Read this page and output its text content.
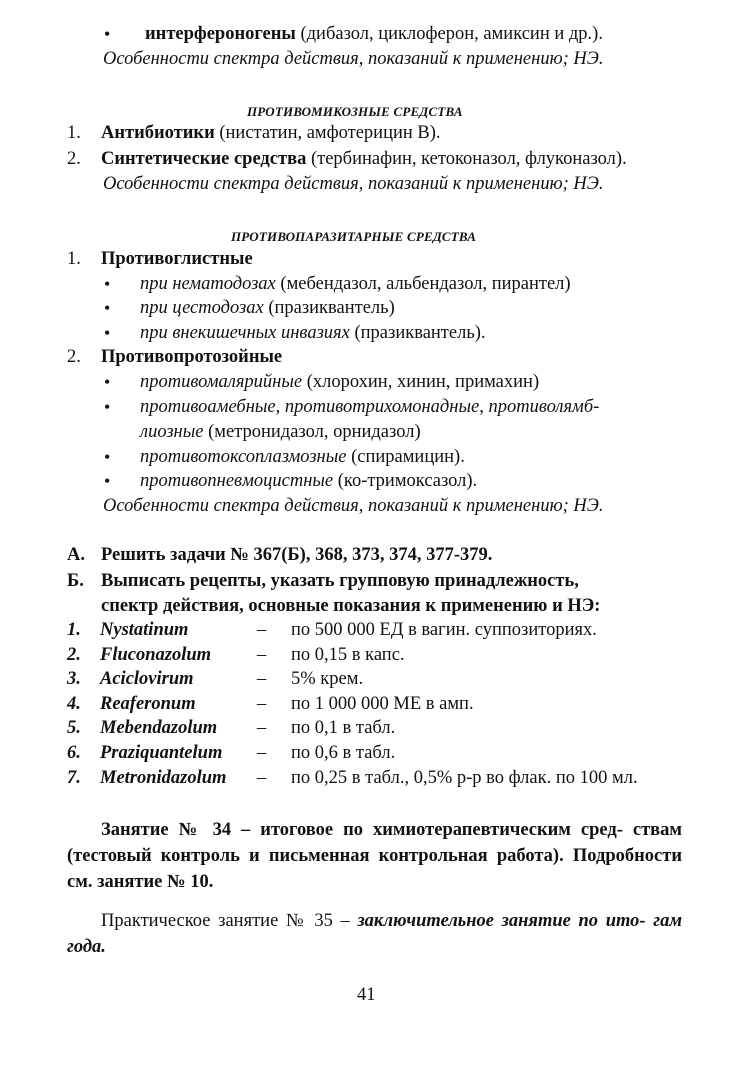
• интерфероногены (дибазол, циклоферон, амиксин и др.).
Особенности спектра действия, показаний к применению; НЭ.
ПРОТИВОМИКОЗНЫЕ СРЕДСТВА
1. Антибиотики (нистатин, амфотерицин В).
2. Синтетические средства (тербинафин, кетоконазол, флуконазол).
Особенности спектра действия, показаний к применению; НЭ.
ПРОТИВОПАРАЗИТАРНЫЕ СРЕДСТВА
1. Противоглистные
• при нематодозах (мебендазол, альбендазол, пирантел)
• при цестодозах (празиквантель)
• при внекишечных инвазиях (празиквантель).
2. Противопротозойные
• противомалярийные (хлорохин, хинин, примахин)
• противоамебные, противотрихомонадные, противолямб-
лиозные (метронидазол, орнидазол)
• противотоксоплазмозные (спирамицин).
• противопневмоцистные (ко-тримоксазол).
Особенности спектра действия, показаний к применению; НЭ.
А. Решить задачи № 367(Б), 368, 373, 374, 377-379.
Б. Выписать рецепты, указать групповую принадлежность,
спектр действия, основные показания к применению и НЭ:
1. Nystatinum	– по 500 000 ЕД в вагин. суппозиториях.
2. Fluconazolum – по 0,15 в капс.
3. Aciclovirum	– 5% крем.
4. Reaferonum	– по 1 000 000 МЕ в амп.
5. Mebendazolum – по 0,1 в табл.
6. Praziquantelum – по 0,6 в табл.
7. Metronidazolum – по 0,25 в табл., 0,5% р-р во флак. по 100 мл.
Занятие № 34 – итоговое по химиотерапевтическим сред- ствам (тестовый контроль и письменная контрольная работа). Подробности см. занятие № 10.
Практическое занятие № 35 – заключительное занятие по ито- гам года.
41
